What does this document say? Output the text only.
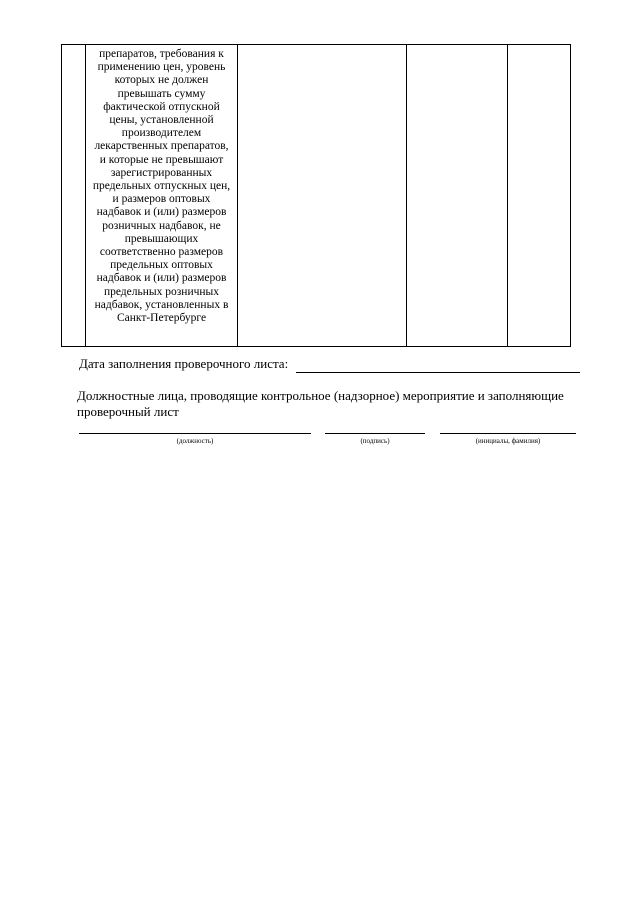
препаратов, требования к применению цен, уровень которых не должен превышать сумму фактической отпускной цены, установленной производителем лекарственных препаратов, и которые не превышают зарегистрированных предельных отпускных цен, и размеров оптовых надбавок и (или) размеров розничных надбавок, не превышающих соответственно размеров предельных оптовых надбавок и (или) размеров предельных розничных надбавок, установленных в Санкт-Петербурге

Дата заполнения проверочного листа:
Должностные лица, проводящие контрольное (надзорное) мероприятие и заполняющие проверочный лист
(должность)	(подпись)	(инициалы, фамилия)
